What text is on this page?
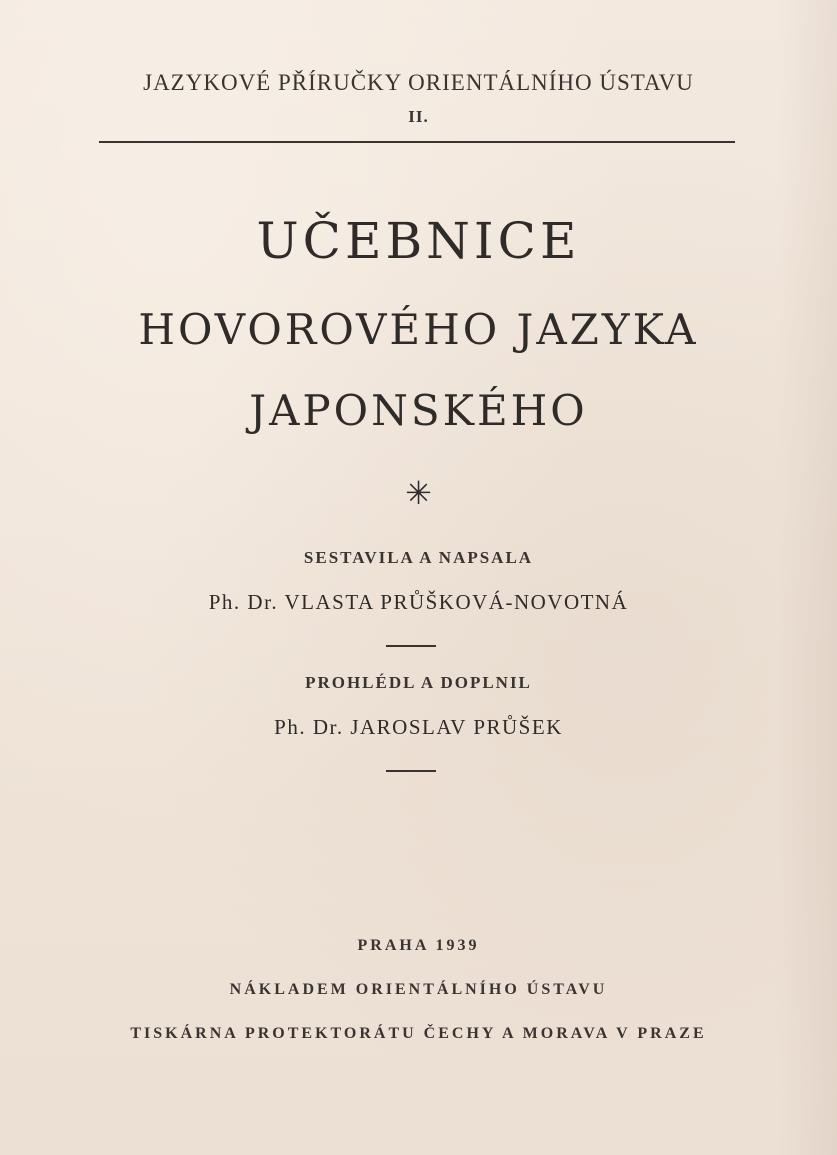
JAZYKOVÉ PŘÍRUČKY ORIENTÁLNÍHO ÚSTAVU
II.
UČEBNICE
HOVOROVÉHO JAZYKA
JAPONSKÉHO
✳
SESTAVILA A NAPSALA
Ph. Dr. VLASTA PRŮŠKOVÁ-NOVOTNÁ
PROHLÉDL A DOPLNIL
Ph. Dr. JAROSLAV PRŮŠEK
PRAHA 1939
NÁKLADEM ORIENTÁLNÍHO ÚSTAVU
TISKÁRNA PROTEKTORÁTU ČECHY A MORAVA V PRAZE
